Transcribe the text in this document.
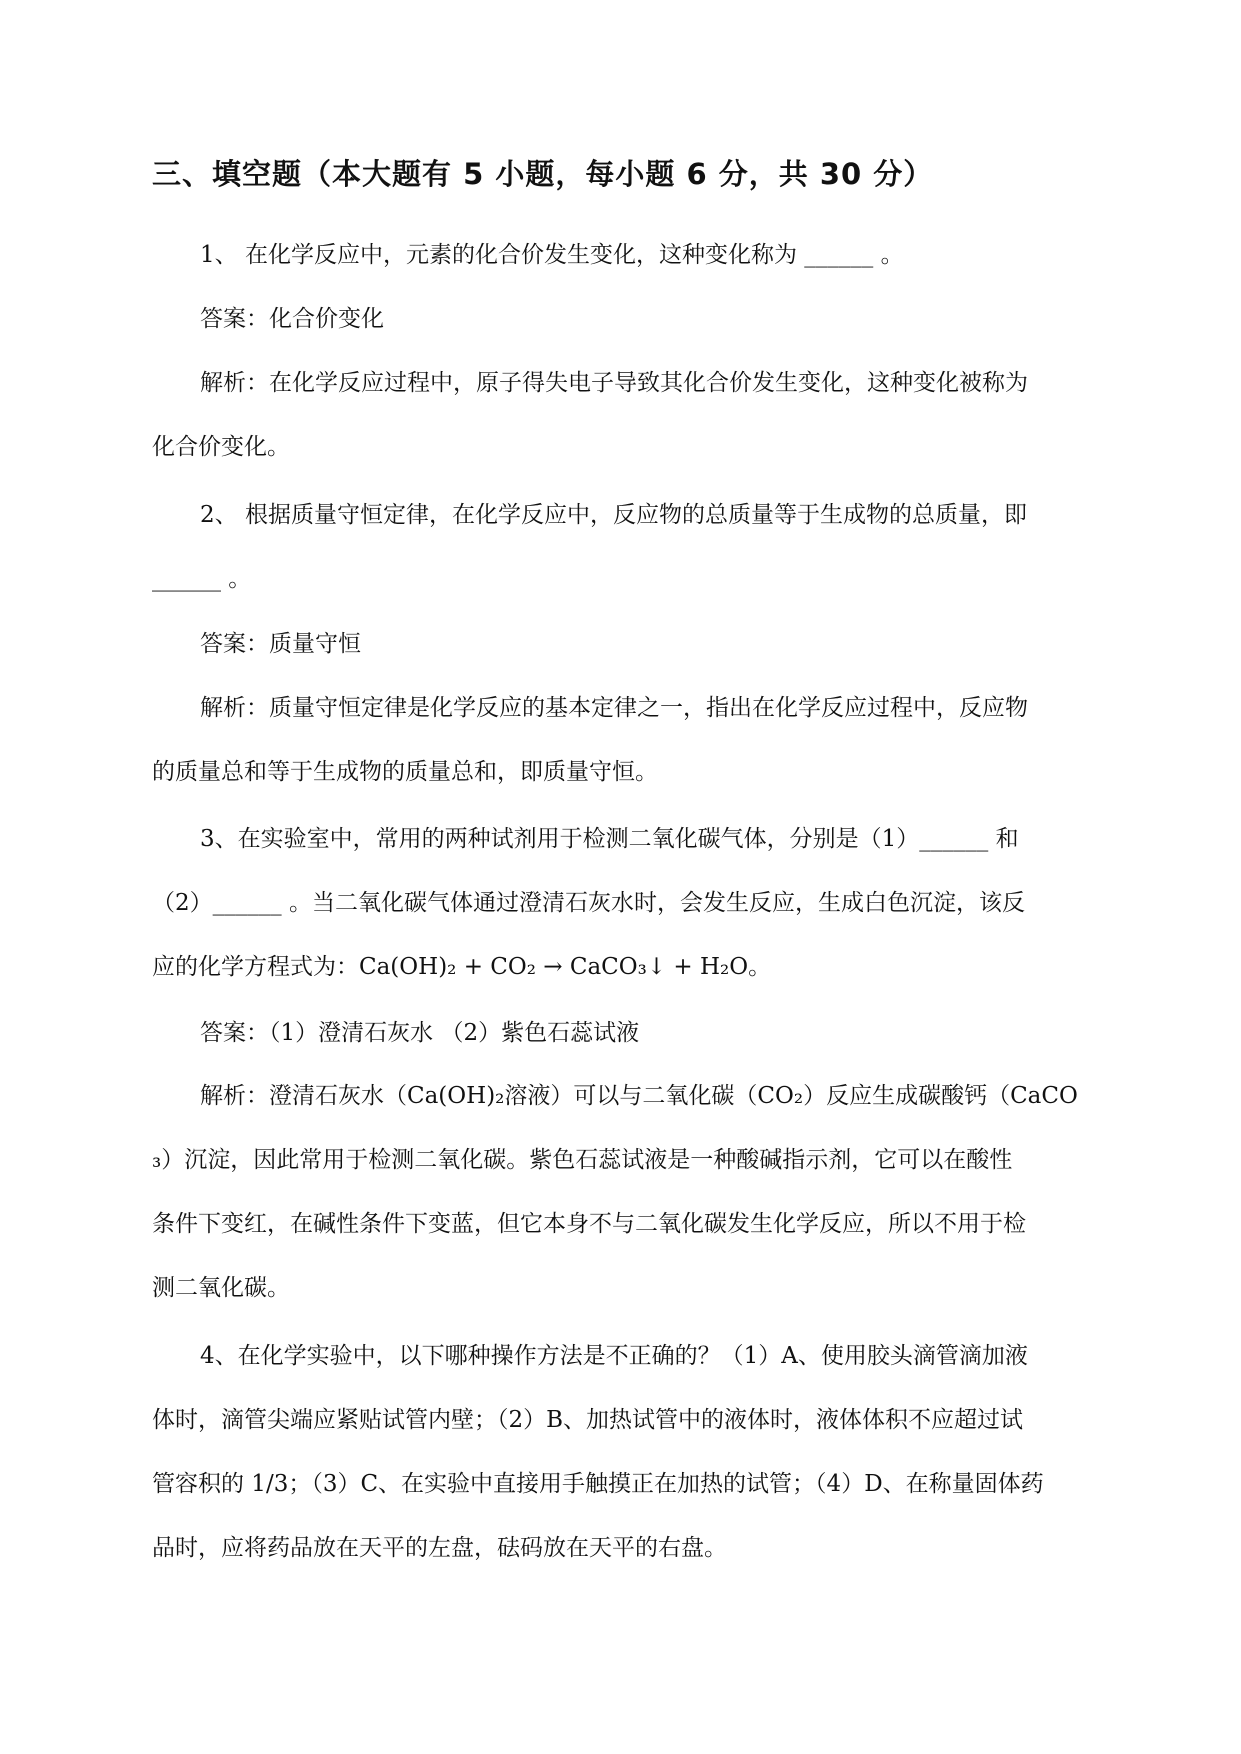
三、填空题（本大题有 5 小题，每小题 6 分，共 30 分）
1、 在化学反应中，元素的化合价发生变化，这种变化称为 ______ 。
答案：化合价变化
解析：在化学反应过程中，原子得失电子导致其化合价发生变化，这种变化被称为
化合价变化。
2、 根据质量守恒定律，在化学反应中，反应物的总质量等于生成物的总质量，即
______ 。
答案：质量守恒
解析：质量守恒定律是化学反应的基本定律之一，指出在化学反应过程中，反应物
的质量总和等于生成物的质量总和，即质量守恒。
3、在实验室中，常用的两种试剂用于检测二氧化碳气体，分别是（1）______ 和
（2）______ 。当二氧化碳气体通过澄清石灰水时，会发生反应，生成白色沉淀，该反
应的化学方程式为：Ca(OH)₂ + CO₂ → CaCO₃↓ + H₂O。
答案：（1）澄清石灰水 （2）紫色石蕊试液
解析：澄清石灰水（Ca(OH)₂溶液）可以与二氧化碳（CO₂）反应生成碳酸钙（CaCO
₃）沉淀，因此常用于检测二氧化碳。紫色石蕊试液是一种酸碱指示剂，它可以在酸性
条件下变红，在碱性条件下变蓝，但它本身不与二氧化碳发生化学反应，所以不用于检
测二氧化碳。
4、在化学实验中，以下哪种操作方法是不正确的？（1）A、使用胶头滴管滴加液
体时，滴管尖端应紧贴试管内壁；（2）B、加热试管中的液体时，液体体积不应超过试
管容积的 1/3；（3）C、在实验中直接用手触摸正在加热的试管；（4）D、在称量固体药
品时，应将药品放在天平的左盘，砝码放在天平的右盘。
